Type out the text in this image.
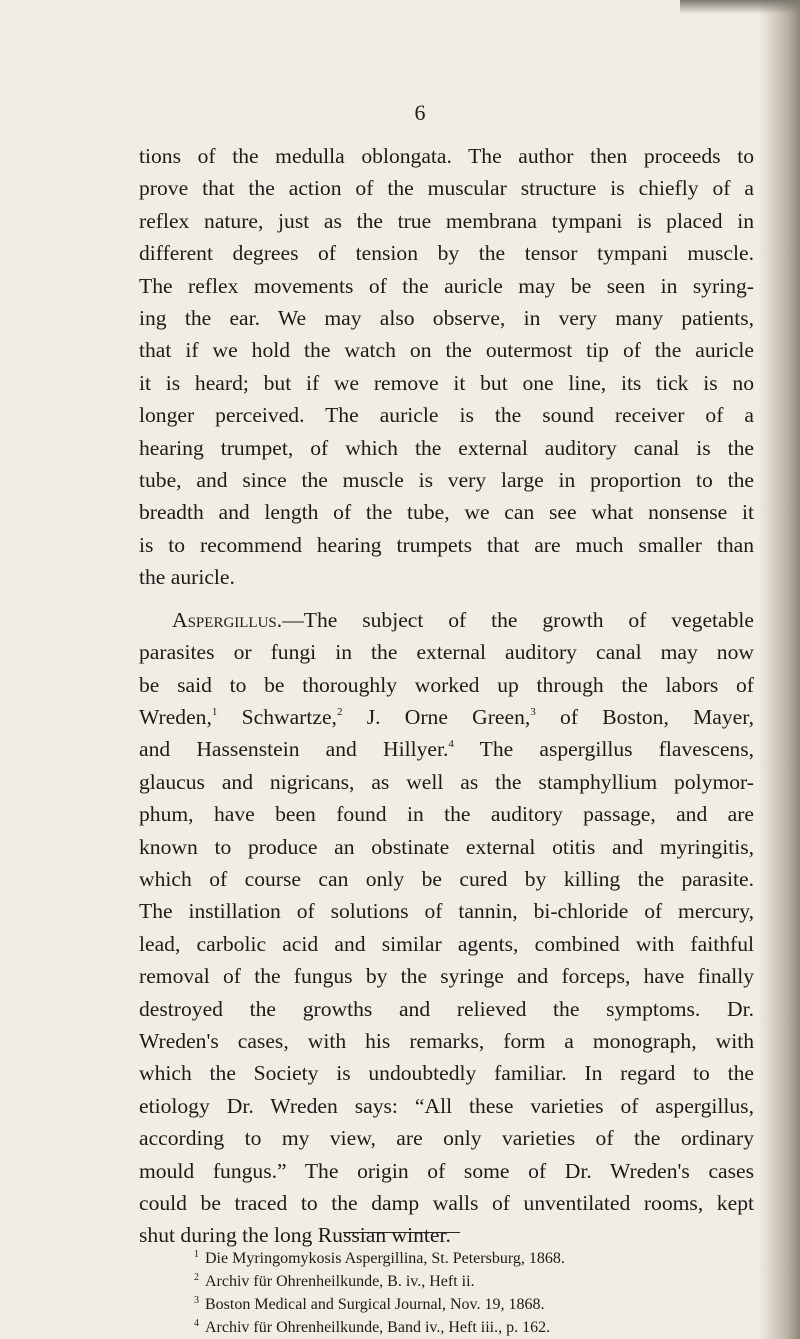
6
tions of the medulla oblongata. The author then proceeds to
prove that the action of the muscular structure is chiefly of a
reflex nature, just as the true membrana tympani is placed in
different degrees of tension by the tensor tympani muscle.
The reflex movements of the auricle may be seen in syring-
ing the ear. We may also observe, in very many patients,
that if we hold the watch on the outermost tip of the auricle
it is heard; but if we remove it but one line, its tick is no
longer perceived. The auricle is the sound receiver of a
hearing trumpet, of which the external auditory canal is the
tube, and since the muscle is very large in proportion to the
breadth and length of the tube, we can see what nonsense it
is to recommend hearing trumpets that are much smaller than
the auricle.
Aspergillus.—The subject of the growth of vegetable
parasites or fungi in the external auditory canal may now
be said to be thoroughly worked up through the labors of
Wreden,$^1$ Schwartze,$^2$ J. Orne Green,$^3$ of Boston, Mayer,
and Hassenstein and Hillyer.$^4$ The aspergillus flavescens,
glaucus and nigricans, as well as the stamphyllium polymor-
phum, have been found in the auditory passage, and are
known to produce an obstinate external otitis and myringitis,
which of course can only be cured by killing the parasite.
The instillation of solutions of tannin, bi-chloride of mercury,
lead, carbolic acid and similar agents, combined with faithful
removal of the fungus by the syringe and forceps, have finally
destroyed the growths and relieved the symptoms. Dr.
Wreden's cases, with his remarks, form a monograph, with
which the Society is undoubtedly familiar. In regard to the
etiology Dr. Wreden says: “All these varieties of aspergillus,
according to my view, are only varieties of the ordinary
mould fungus.” The origin of some of Dr. Wreden's cases
could be traced to the damp walls of unventilated rooms, kept
shut during the long Russian winter.
$^1$ Die Myringomykosis Aspergillina, St. Petersburg, 1868.
$^2$ Archiv für Ohrenheilkunde, B. iv., Heft ii.
$^3$ Boston Medical and Surgical Journal, Nov. 19, 1868.
$^4$ Archiv für Ohrenheilkunde, Band iv., Heft iii., p. 162.
